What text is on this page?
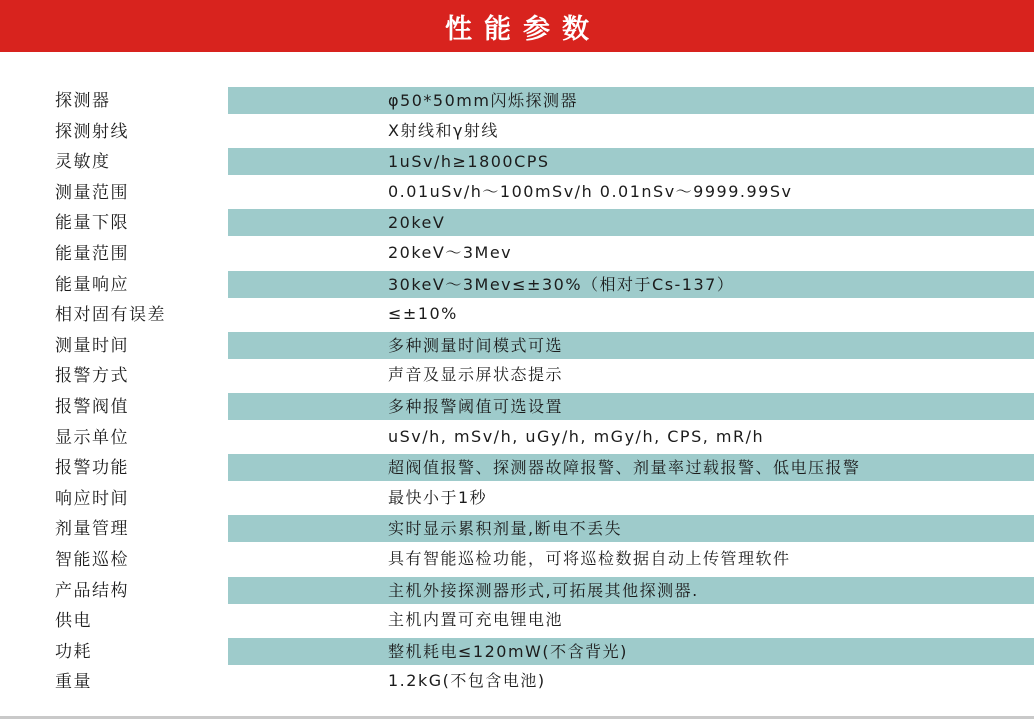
性能参数
探测器	φ50*50mm闪烁探测器
探测射线	X射线和γ射线
灵敏度	1uSv/h≥1800CPS
测量范围	0.01uSv/h～100mSv/h 0.01nSv～9999.99Sv
能量下限	20keV
能量范围	20keV～3Mev
能量响应	30keV～3Mev≤±30%（相对于Cs-137）
相对固有误差	≤±10%
测量时间	多种测量时间模式可选
报警方式	声音及显示屏状态提示
报警阀值	多种报警阈值可选设置
显示单位	uSv/h, mSv/h, uGy/h, mGy/h, CPS, mR/h
报警功能	超阀值报警、探测器故障报警、剂量率过载报警、低电压报警
响应时间	最快小于1秒
剂量管理	实时显示累积剂量,断电不丢失
智能巡检	具有智能巡检功能，可将巡检数据自动上传管理软件
产品结构	主机外接探测器形式,可拓展其他探测器.
供电	主机内置可充电锂电池
功耗	整机耗电≤120mW(不含背光)
重量	1.2kG(不包含电池)
